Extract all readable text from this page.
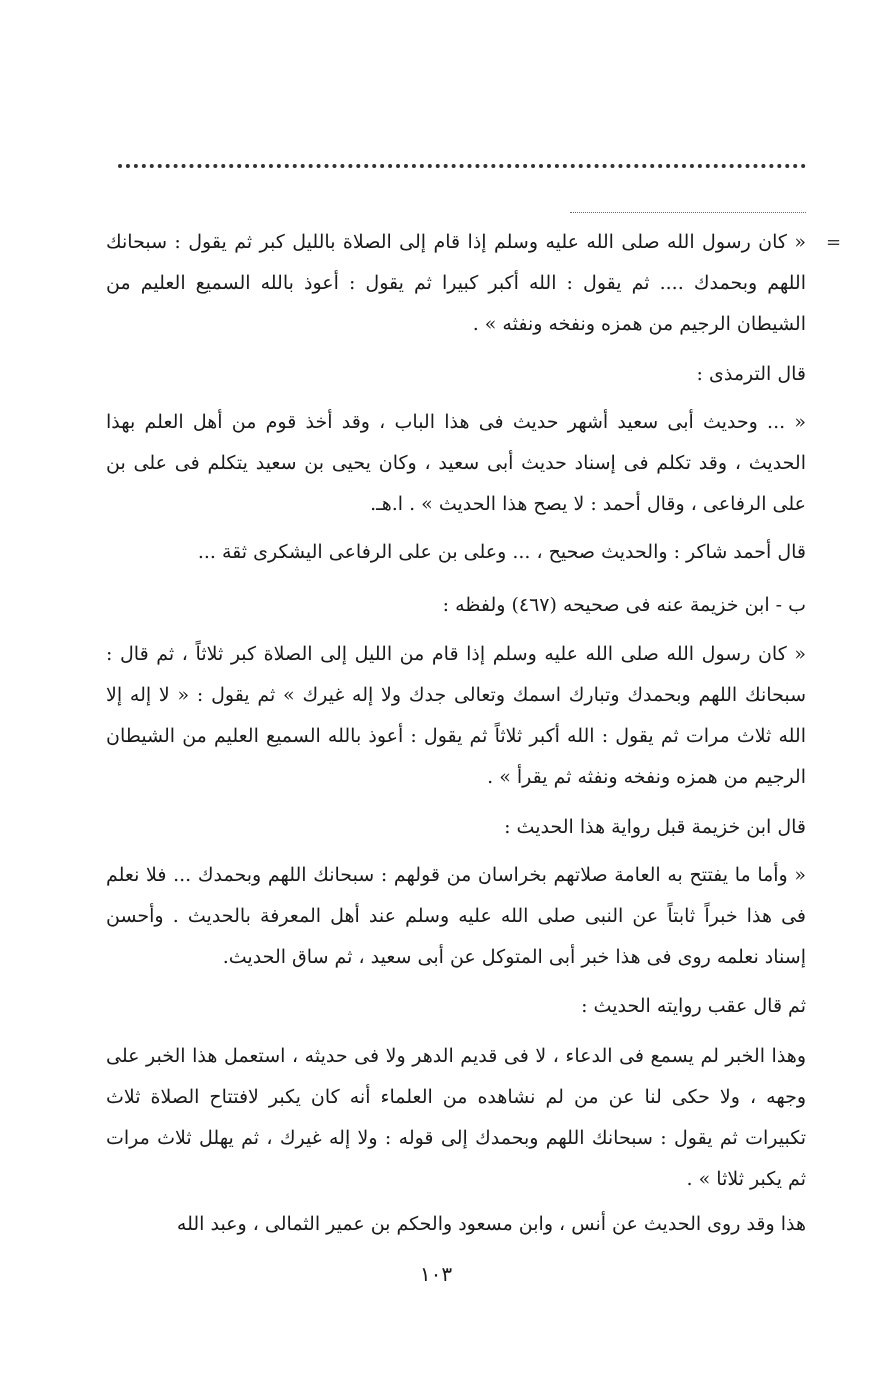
=
« كان رسول الله صلى الله عليه وسلم إذا قام إلى الصلاة بالليل كبر ثم يقول : سبحانك اللهم وبحمدك .... ثم يقول : الله أكبر كبيرا ثم يقول : أعوذ بالله السميع العليم من الشيطان الرجيم من همزه ونفخه ونفثه » .
قال الترمذى :
« ... وحديث أبى سعيد أشهر حديث فى هذا الباب ، وقد أخذ قوم من أهل العلم بهذا الحديث ، وقد تكلم فى إسناد حديث أبى سعيد ، وكان يحيى بن سعيد يتكلم فى على بن على الرفاعى ، وقال أحمد : لا يصح هذا الحديث » . ا.هـ.
قال أحمد شاكر : والحديث صحيح ، ... وعلى بن على الرفاعى اليشكرى ثقة ...
ب - ابن خزيمة عنه فى صحيحه (٤٦٧) ولفظه :
« كان رسول الله صلى الله عليه وسلم إذا قام من الليل إلى الصلاة كبر ثلاثاً ، ثم قال : سبحانك اللهم وبحمدك وتبارك اسمك وتعالى جدك ولا إله غيرك » ثم يقول : « لا إله إلا الله ثلاث مرات ثم يقول : الله أكبر ثلاثاً ثم يقول : أعوذ بالله السميع العليم من الشيطان الرجيم من همزه ونفخه ونفثه ثم يقرأ » .
قال ابن خزيمة قبل رواية هذا الحديث :
« وأما ما يفتتح به العامة صلاتهم بخراسان من قولهم : سبحانك اللهم وبحمدك ... فلا نعلم فى هذا خبراً ثابتاً عن النبى صلى الله عليه وسلم عند أهل المعرفة بالحديث . وأحسن إسناد نعلمه روى فى هذا خبر أبى المتوكل عن أبى سعيد ، ثم ساق الحديث.
ثم قال عقب روايته الحديث :
وهذا الخبر لم يسمع فى الدعاء ، لا فى قديم الدهر ولا فى حديثه ، استعمل هذا الخبر على وجهه ، ولا حكى لنا عن من لم نشاهده من العلماء أنه كان يكبر لافتتاح الصلاة ثلاث تكبيرات ثم يقول : سبحانك اللهم وبحمدك إلى قوله : ولا إله غيرك ، ثم يهلل ثلاث مرات ثم يكبر ثلاثا » .
هذا وقد روى الحديث عن أنس ، وابن مسعود والحكم بن عمير الثمالى ، وعبد الله
١٠٣
